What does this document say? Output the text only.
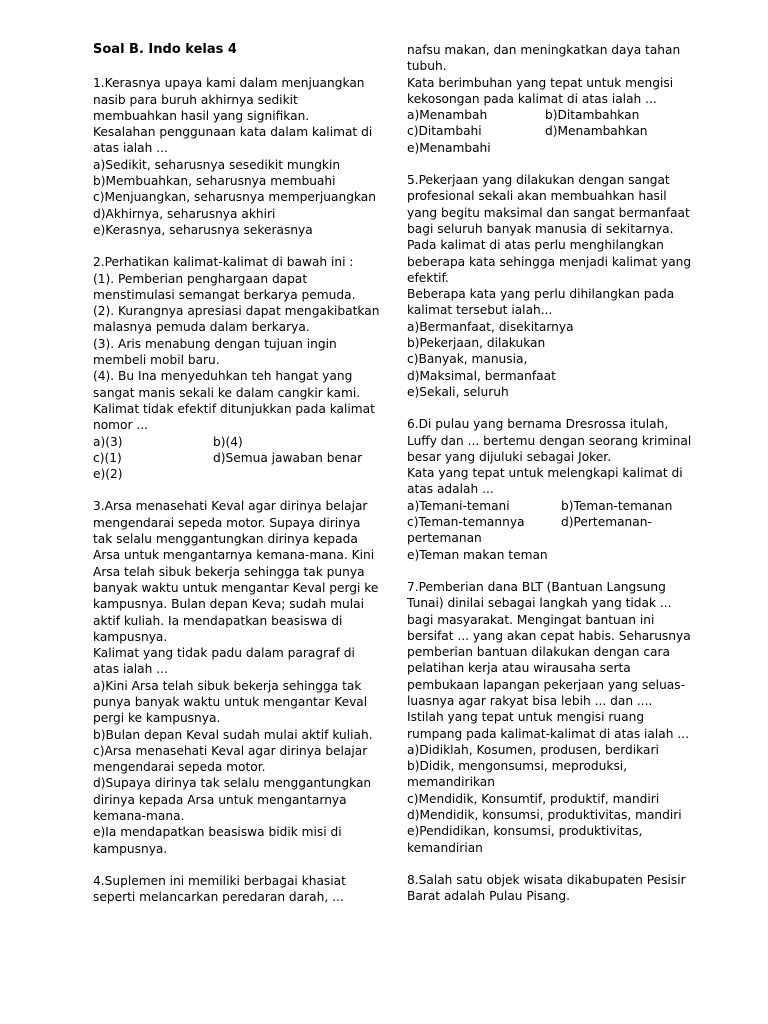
Soal B. Indo kelas 4
1.Kerasnya upaya kami dalam menjuangkan
nasib para buruh akhirnya sedikit
membuahkan hasil yang signifikan.
Kesalahan penggunaan kata dalam kalimat di
atas ialah ...
a)Sedikit, seharusnya sesedikit mungkin
b)Membuahkan, seharusnya membuahi
c)Menjuangkan, seharusnya memperjuangkan
d)Akhirnya, seharusnya akhiri
e)Kerasnya, seharusnya sekerasnya
2.Perhatikan kalimat-kalimat di bawah ini :
(1). Pemberian penghargaan dapat
menstimulasi semangat berkarya pemuda.
(2). Kurangnya apresiasi dapat mengakibatkan
malasnya pemuda dalam berkarya.
(3). Aris menabung dengan tujuan ingin
membeli mobil baru.
(4). Bu Ina menyeduhkan teh hangat yang
sangat manis sekali ke dalam cangkir kami.
Kalimat tidak efektif ditunjukkan pada kalimat
nomor ...
a)(3)	b)(4)
c)(1)	d)Semua jawaban benar
e)(2)
3.Arsa menasehati Keval agar dirinya belajar
mengendarai sepeda motor. Supaya dirinya
tak selalu menggantungkan dirinya kepada
Arsa untuk mengantarnya kemana-mana. Kini
Arsa telah sibuk bekerja sehingga tak punya
banyak waktu untuk mengantar Keval pergi ke
kampusnya. Bulan depan Keva; sudah mulai
aktif kuliah. Ia mendapatkan beasiswa di
kampusnya.
Kalimat yang tidak padu dalam paragraf di
atas ialah ...
a)Kini Arsa telah sibuk bekerja sehingga tak
punya banyak waktu untuk mengantar Keval
pergi ke kampusnya.
b)Bulan depan Keval sudah mulai aktif kuliah.
c)Arsa menasehati Keval agar dirinya belajar
mengendarai sepeda motor.
d)Supaya dirinya tak selalu menggantungkan
dirinya kepada Arsa untuk mengantarnya
kemana-mana.
e)Ia mendapatkan beasiswa bidik misi di
kampusnya.
4.Suplemen ini memiliki berbagai khasiat
seperti melancarkan peredaran darah, ...
nafsu makan, dan meningkatkan daya tahan
tubuh.
Kata berimbuhan yang tepat untuk mengisi
kekosongan pada kalimat di atas ialah ...
a)Menambah	b)Ditambahkan
c)Ditambahi	d)Menambahkan
e)Menambahi
5.Pekerjaan yang dilakukan dengan sangat
profesional sekali akan membuahkan hasil
yang begitu maksimal dan sangat bermanfaat
bagi seluruh banyak manusia di sekitarnya.
Pada kalimat di atas perlu menghilangkan
beberapa kata sehingga menjadi kalimat yang
efektif.
Beberapa kata yang perlu dihilangkan pada
kalimat tersebut ialah...
a)Bermanfaat, disekitarnya
b)Pekerjaan, dilakukan
c)Banyak, manusia,
d)Maksimal, bermanfaat
e)Sekali, seluruh
6.Di pulau yang bernama Dresrossa itulah,
Luffy dan ... bertemu dengan seorang kriminal
besar yang dijuluki sebagai Joker.
Kata yang tepat untuk melengkapi kalimat di
atas adalah ...
a)Temani-temani	b)Teman-temanan
c)Teman-temannya	d)Pertemanan-
pertemanan
e)Teman makan teman
7.Pemberian dana BLT (Bantuan Langsung
Tunai) dinilai sebagai langkah yang tidak ...
bagi masyarakat. Mengingat bantuan ini
bersifat ... yang akan cepat habis. Seharusnya
pemberian bantuan dilakukan dengan cara
pelatihan kerja atau wirausaha serta
pembukaan lapangan pekerjaan yang seluas-
luasnya agar rakyat bisa lebih ... dan ....
Istilah yang tepat untuk mengisi ruang
rumpang pada kalimat-kalimat di atas ialah ...
a)Didiklah, Kosumen, produsen, berdikari
b)Didik, mengonsumsi, meproduksi,
memandirikan
c)Mendidik, Konsumtif, produktif, mandiri
d)Mendidik, konsumsi, produktivitas, mandiri
e)Pendidikan, konsumsi, produktivitas,
kemandirian
8.Salah satu objek wisata dikabupaten Pesisir
Barat adalah Pulau Pisang.
